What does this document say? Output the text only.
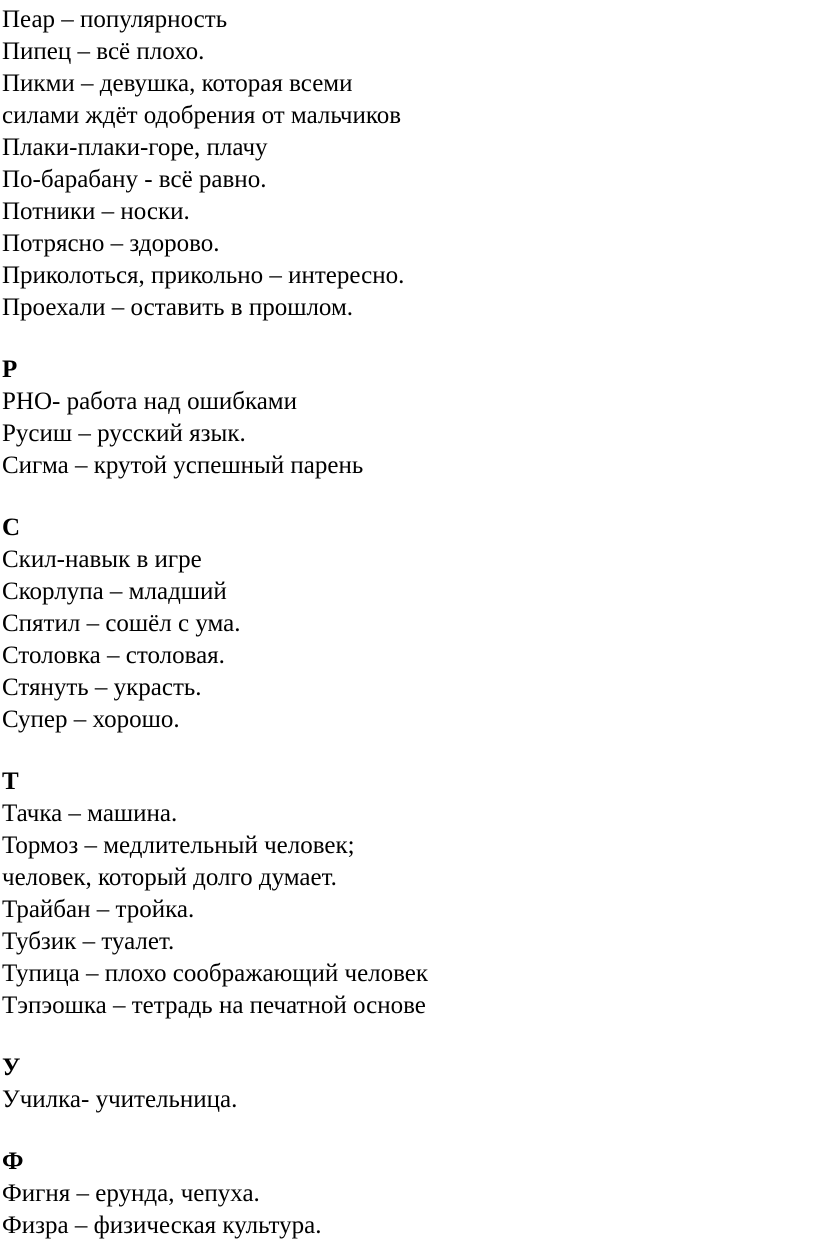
Пеар – популярность
Пипец – всё плохо.
Пикми – девушка, которая всеми
силами ждёт одобрения от мальчиков
Плаки-плаки-горе, плачу
По-барабану - всё равно.
Потники – носки.
Потрясно – здорово.
Приколоться, прикольно – интересно.
Проехали – оставить в прошлом.
Р
РНО- работа над ошибками
Русиш – русский язык.
Сигма – крутой успешный парень
С
Скил-навык в игре
Скорлупа – младший
Спятил – сошёл с ума.
Столовка – столовая.
Стянуть – украсть.
Супер – хорошо.
Т
Тачка – машина.
Тормоз – медлительный человек;
человек, который долго думает.
Трайбан – тройка.
Тубзик – туалет.
Тупица – плохо соображающий человек
Тэпэошка – тетрадь на печатной основе
У
Училка- учительница.
Ф
Фигня – ерунда, чепуха.
Физра – физическая культура.
